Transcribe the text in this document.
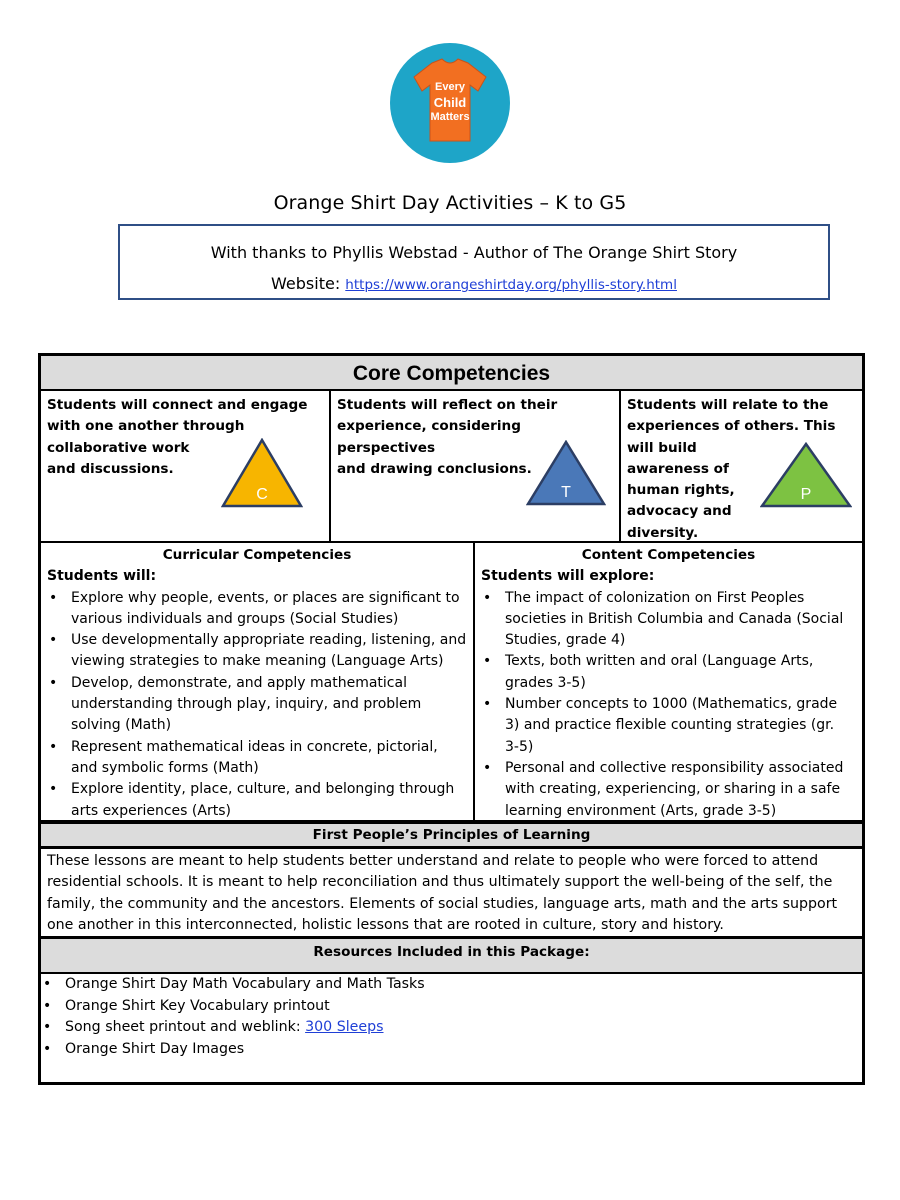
Every
Child
Matters
Orange Shirt Day Activities – K to G5
With thanks to Phyllis Webstad - Author of The Orange Shirt Story
Website: https://www.orangeshirtday.org/phyllis-story.html
Core Competencies
Students will connect and engage
with one another through
collaborative work
and discussions.
C
Students will reflect on their
experience, considering perspectives
and drawing conclusions.
T
Students will relate to the
experiences of others. This
will build
awareness of
human rights,
advocacy and
diversity.
P
Curricular Competencies
Students will:
• Explore why people, events, or places are significant to
various individuals and groups (Social Studies)
• Use developmentally appropriate reading, listening, and
viewing strategies to make meaning (Language Arts)
• Develop, demonstrate, and apply mathematical
understanding through play, inquiry, and problem
solving (Math)
• Represent mathematical ideas in concrete, pictorial,
and symbolic forms (Math)
• Explore identity, place, culture, and belonging through
arts experiences (Arts)
Content Competencies
Students will explore:
• The impact of colonization on First Peoples
societies in British Columbia and Canada (Social
Studies, grade 4)
• Texts, both written and oral (Language Arts,
grades 3-5)
• Number concepts to 1000 (Mathematics, grade
3) and practice flexible counting strategies (gr.
3-5)
• Personal and collective responsibility associated
with creating, experiencing, or sharing in a safe
learning environment (Arts, grade 3-5)
First People’s Principles of Learning
These lessons are meant to help students better understand and relate to people who were forced to attend
residential schools. It is meant to help reconciliation and thus ultimately support the well-being of the self, the
family, the community and the ancestors. Elements of social studies, language arts, math and the arts support
one another in this interconnected, holistic lessons that are rooted in culture, story and history.
Resources Included in this Package:
• Orange Shirt Day Math Vocabulary and Math Tasks
• Orange Shirt Key Vocabulary printout
• Song sheet printout and weblink: 300 Sleeps
• Orange Shirt Day Images
